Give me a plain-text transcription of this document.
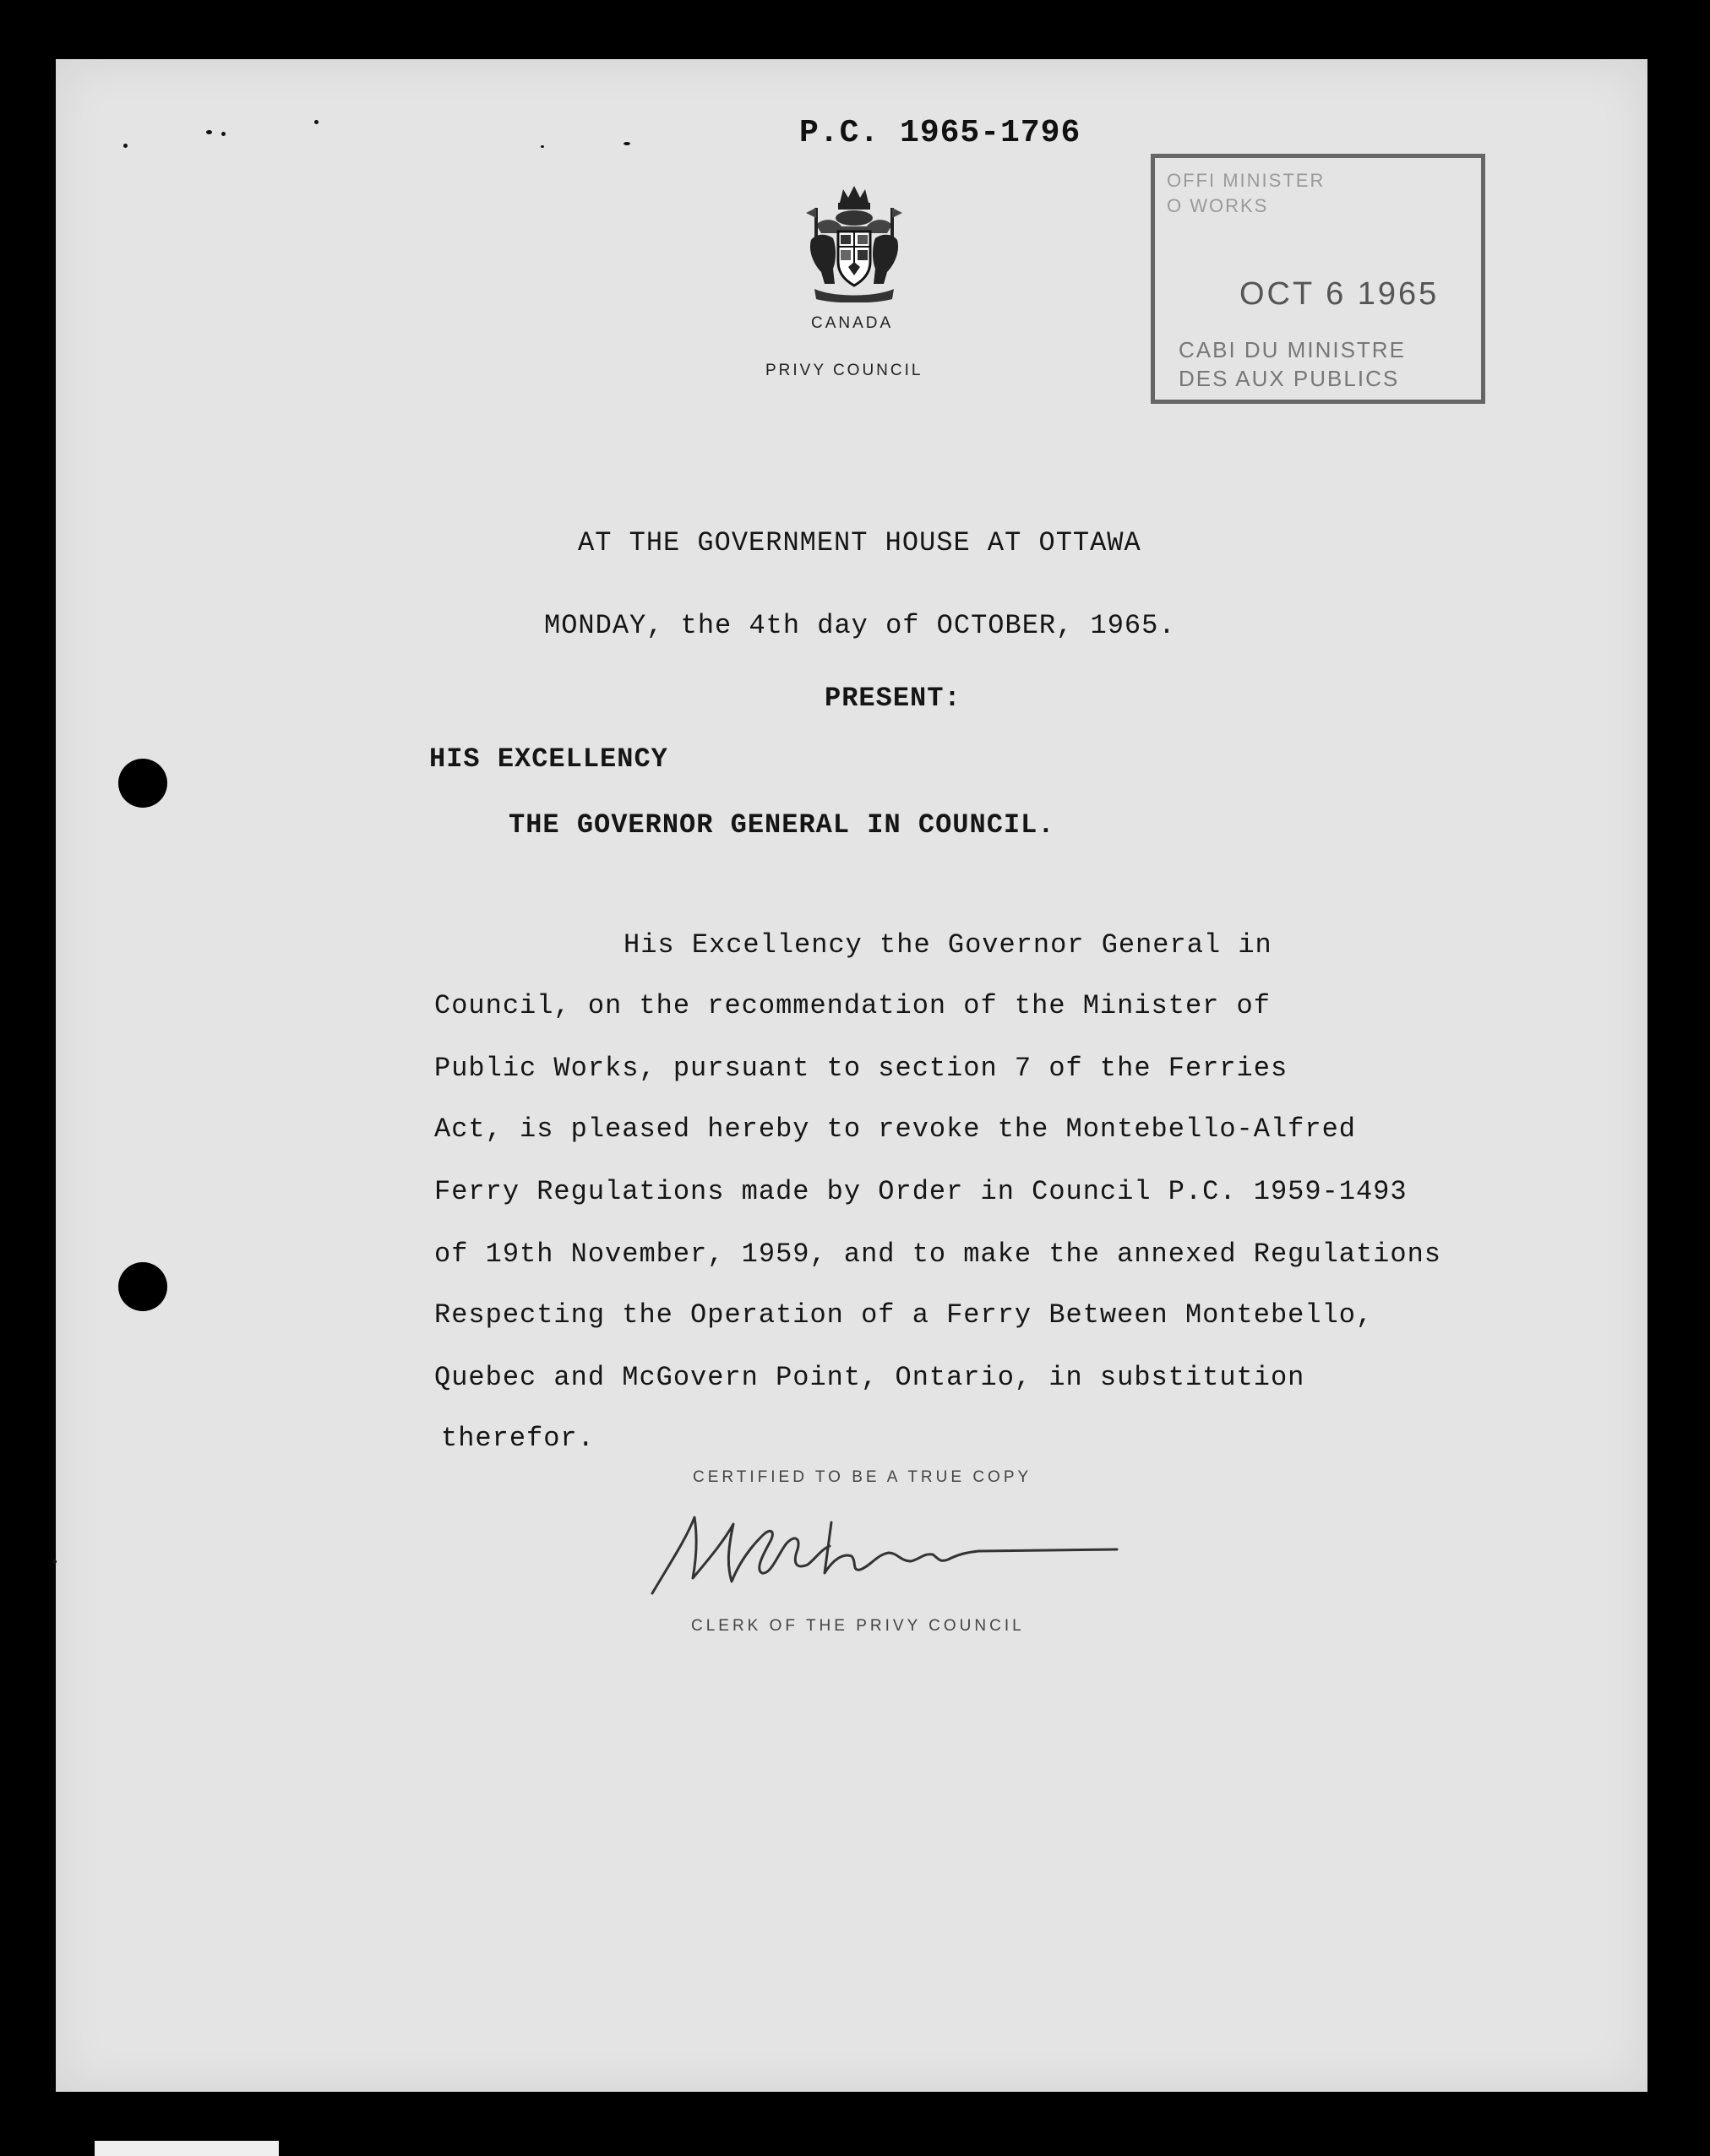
P.C. 1965-1796
CANADA
PRIVY COUNCIL
OFFI MINISTER
O WORKS
OCT 6 1965
CABI DU MINISTRE
DES AUX PUBLICS
AT THE GOVERNMENT HOUSE AT OTTAWA
MONDAY, the 4th day of OCTOBER, 1965.
PRESENT:
HIS EXCELLENCY
THE GOVERNOR GENERAL IN COUNCIL.
His Excellency the Governor General in
Council, on the recommendation of the Minister of
Public Works, pursuant to section 7 of the Ferries
Act, is pleased hereby to revoke the Montebello-Alfred
Ferry Regulations made by Order in Council P.C. 1959-1493
of 19th November, 1959, and to make the annexed Regulations
Respecting the Operation of a Ferry Between Montebello,
Quebec and McGovern Point, Ontario, in substitution
therefor.
CERTIFIED TO BE A TRUE COPY
CLERK OF THE PRIVY COUNCIL
